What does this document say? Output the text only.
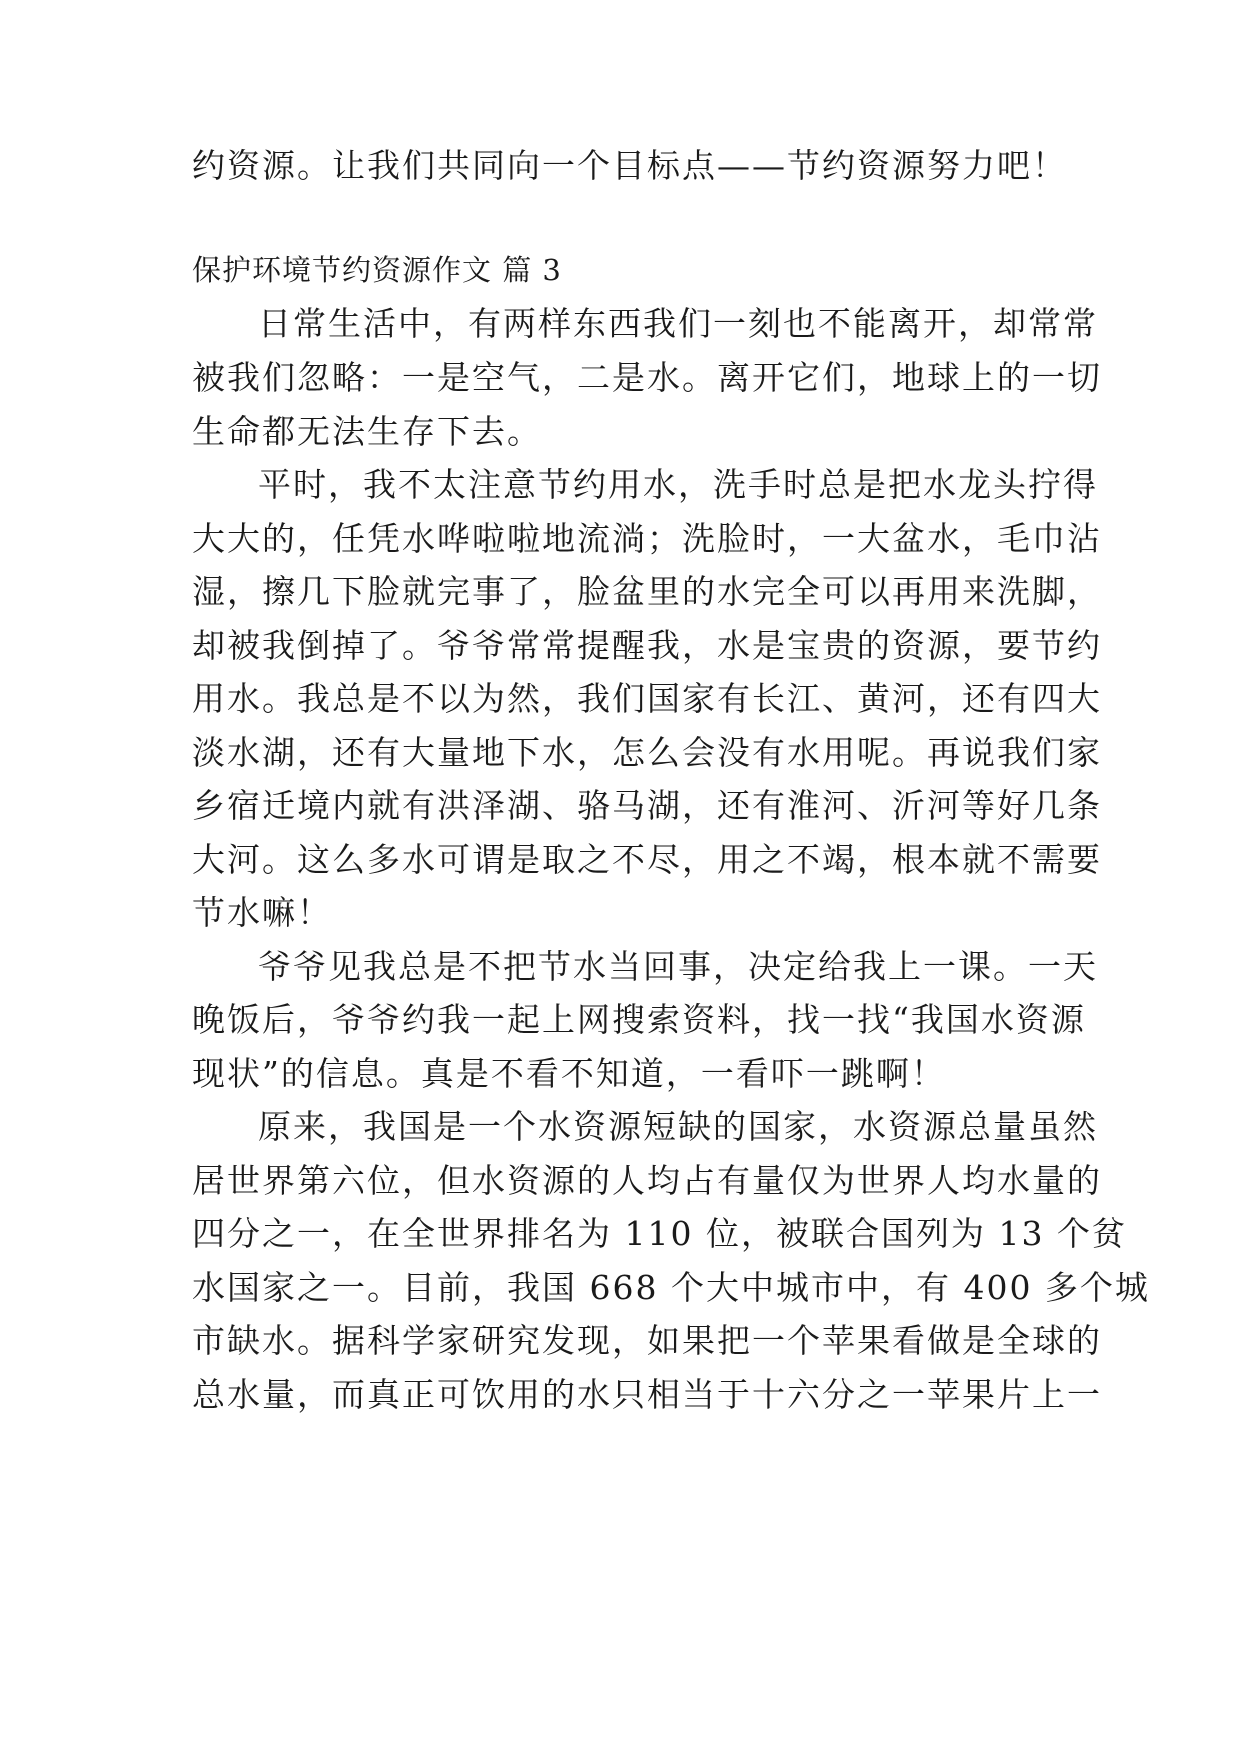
约资源。让我们共同向一个目标点——节约资源努力吧！
保护环境节约资源作文 篇 3
日常生活中，有两样东西我们一刻也不能离开，却常常
被我们忽略：一是空气，二是水。离开它们，地球上的一切
生命都无法生存下去。
平时，我不太注意节约用水，洗手时总是把水龙头拧得
大大的，任凭水哗啦啦地流淌；洗脸时，一大盆水，毛巾沾
湿，擦几下脸就完事了，脸盆里的水完全可以再用来洗脚，
却被我倒掉了。爷爷常常提醒我，水是宝贵的资源，要节约
用水。我总是不以为然，我们国家有长江、黄河，还有四大
淡水湖，还有大量地下水，怎么会没有水用呢。再说我们家
乡宿迁境内就有洪泽湖、骆马湖，还有淮河、沂河等好几条
大河。这么多水可谓是取之不尽，用之不竭，根本就不需要
节水嘛！
爷爷见我总是不把节水当回事，决定给我上一课。一天
晚饭后，爷爷约我一起上网搜索资料，找一找“我国水资源
现状”的信息。真是不看不知道，一看吓一跳啊！
原来，我国是一个水资源短缺的国家，水资源总量虽然
居世界第六位，但水资源的人均占有量仅为世界人均水量的
四分之一，在全世界排名为 110 位，被联合国列为 13 个贫
水国家之一。目前，我国 668 个大中城市中，有 400 多个城
市缺水。据科学家研究发现，如果把一个苹果看做是全球的
总水量，而真正可饮用的水只相当于十六分之一苹果片上一
